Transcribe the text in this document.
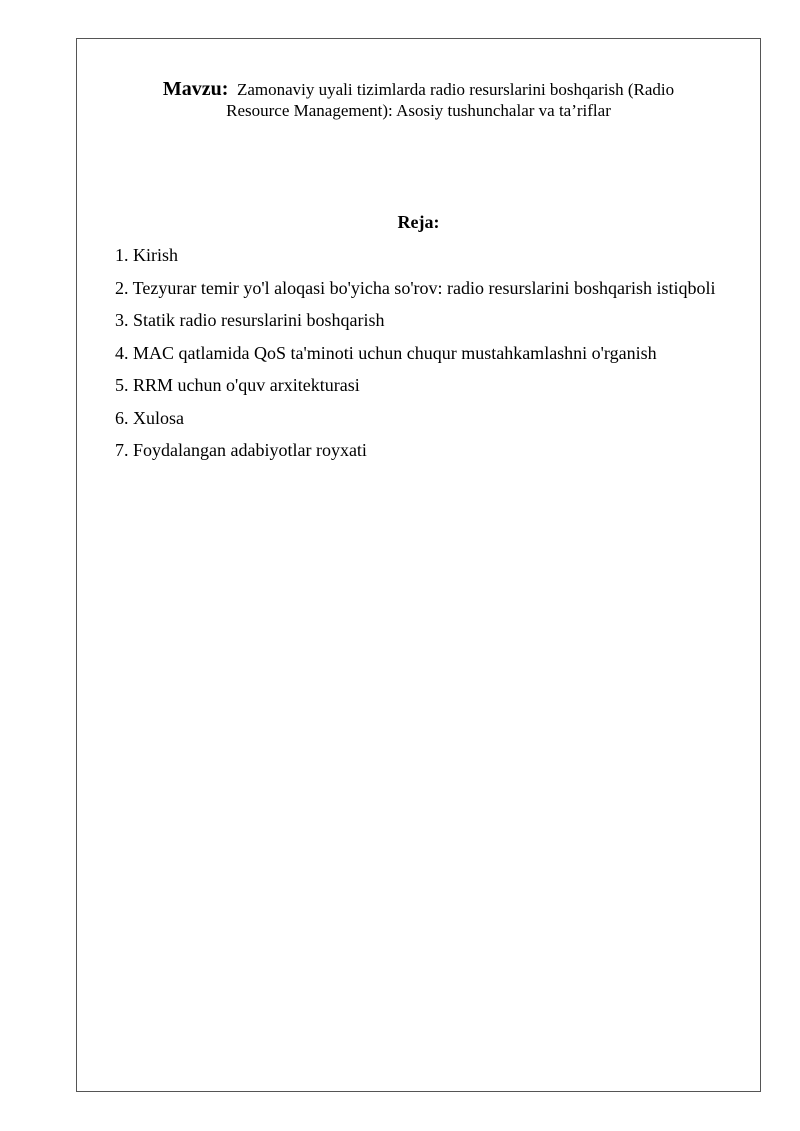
Mavzu: Zamonaviy uyali tizimlarda radio resurslarini boshqarish (Radio
Resource Management): Asosiy tushunchalar va ta’riflar
Reja:
1. Kirish
2. Tezyurar temir yo'l aloqasi bo'yicha so'rov: radio resurslarini boshqarish istiqboli
3. Statik radio resurslarini boshqarish
4. MAC qatlamida QoS ta'minoti uchun chuqur mustahkamlashni o'rganish
5. RRM uchun o'quv arxitekturasi
6. Xulosa
7. Foydalangan adabiyotlar royxati
